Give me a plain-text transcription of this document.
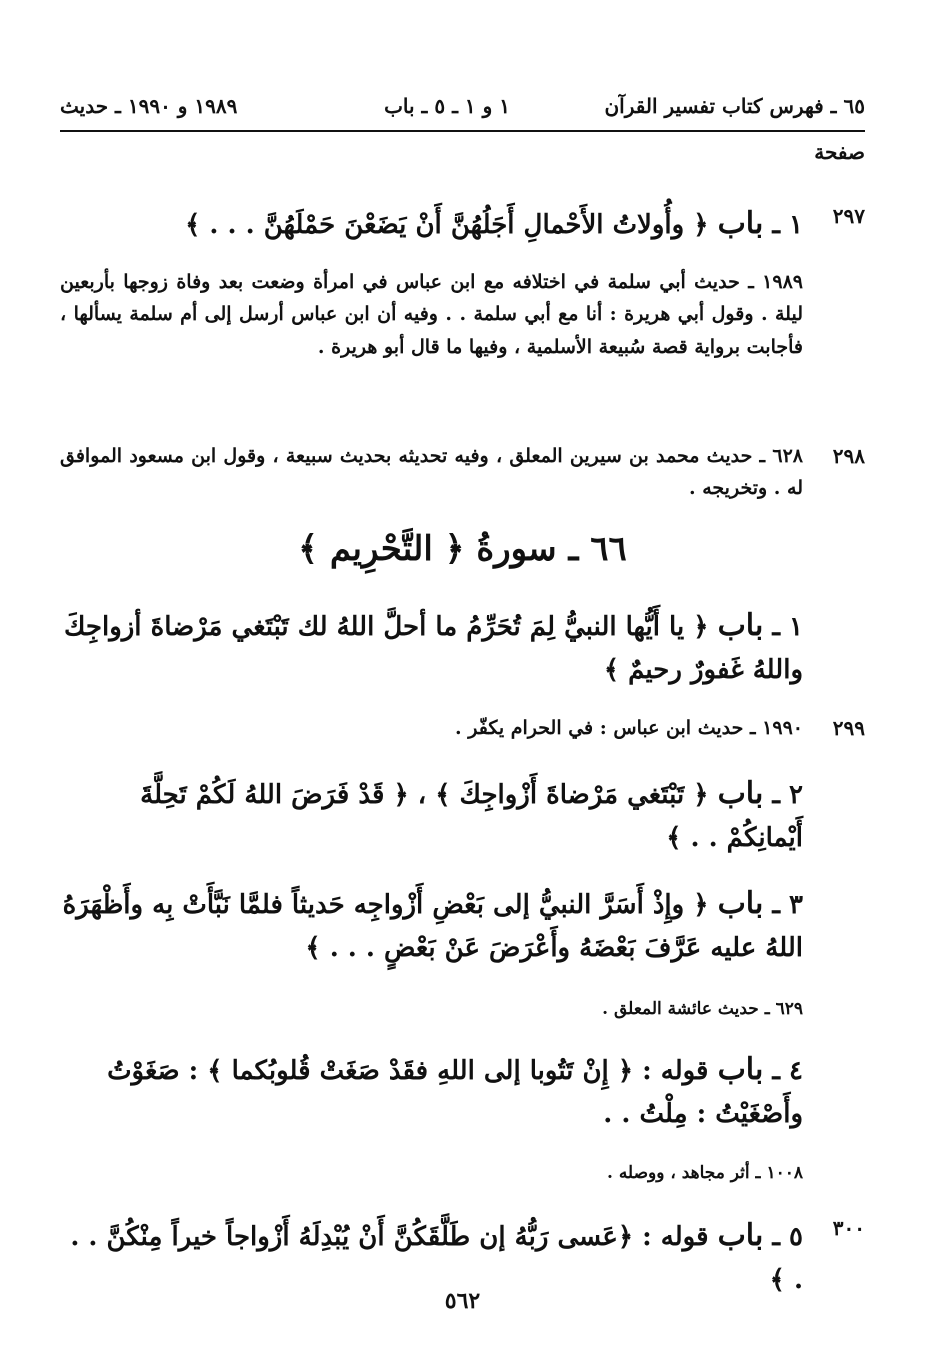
٦٥ ـ فهرس كتاب تفسير القرآن
١ و ١ ـ ٥ ـ باب
١٩٨٩ و ١٩٩٠ ـ حديث
صفحة
٢٩٧
١ ـ باب ﴿ وأُولاتُ الأَحْمالِ أَجَلُهُنَّ أَنْ يَضَعْنَ حَمْلَهُنَّ . . . ﴾
١٩٨٩ ـ حديث أبي سلمة في اختلافه مع ابن عباس في امرأة وضعت بعد وفاة زوجها بأربعين ليلة . وقول أبي هريرة : أنا مع أبي سلمة . . وفيه أن ابن عباس أرسل إلى أم سلمة يسألها ، فأجابت برواية قصة سُبيعة الأسلمية ، وفيها ما قال أبو هريرة .
٢٩٨
٦٢٨ ـ حديث محمد بن سيرين المعلق ، وفيه تحديثه بحديث سبيعة ، وقول ابن مسعود الموافق له . وتخريجه .
٦٦ ـ سورةُ ﴿ التَّحْرِيم ﴾
١ ـ باب ﴿ يا أَيُّها النبيُّ لِمَ تُحَرِّمُ ما أحلَّ اللهُ لك تَبْتَغي مَرْضاةَ أزواجِكَ واللهُ غَفورٌ رحيمٌ ﴾
٢٩٩
١٩٩٠ ـ حديث ابن عباس : في الحرام يكفّر .
٢ ـ باب ﴿ تَبْتَغي مَرْضاةَ أَزْواجِكَ ﴾ ، ﴿ قَدْ فَرَضَ اللهُ لَكُمْ تَحِلَّةَ أَيْمانِكُمْ . . ﴾
٣ ـ باب ﴿ وإِذْ أَسَرَّ النبيُّ إلى بَعْضِ أَزْواجِه حَديثاً فلمَّا نَبَّأَتْ بِه وأَظْهَرَهُ اللهُ عليه عَرَّفَ بَعْضَهُ وأَعْرَضَ عَنْ بَعْضٍ . . . ﴾
٦٢٩ ـ حديث عائشة المعلق .
٤ ـ باب قوله : ﴿ إِنْ تَتُوبا إلى اللهِ فقَدْ صَغَتْ قُلوبُكما ﴾ : صَغَوْتُ وأَصْغَيْتُ : مِلْتُ . .
١٠٠٨ ـ أثر مجاهد ، ووصله .
٣٠٠
٥ ـ باب قوله : ﴿عَسى رَبُّهُ إن طَلَّقَكُنَّ أَنْ يُبْدِلَهُ أَزْواجاً خيراً مِنْكُنَّ . . . ﴾
٥٦٢
